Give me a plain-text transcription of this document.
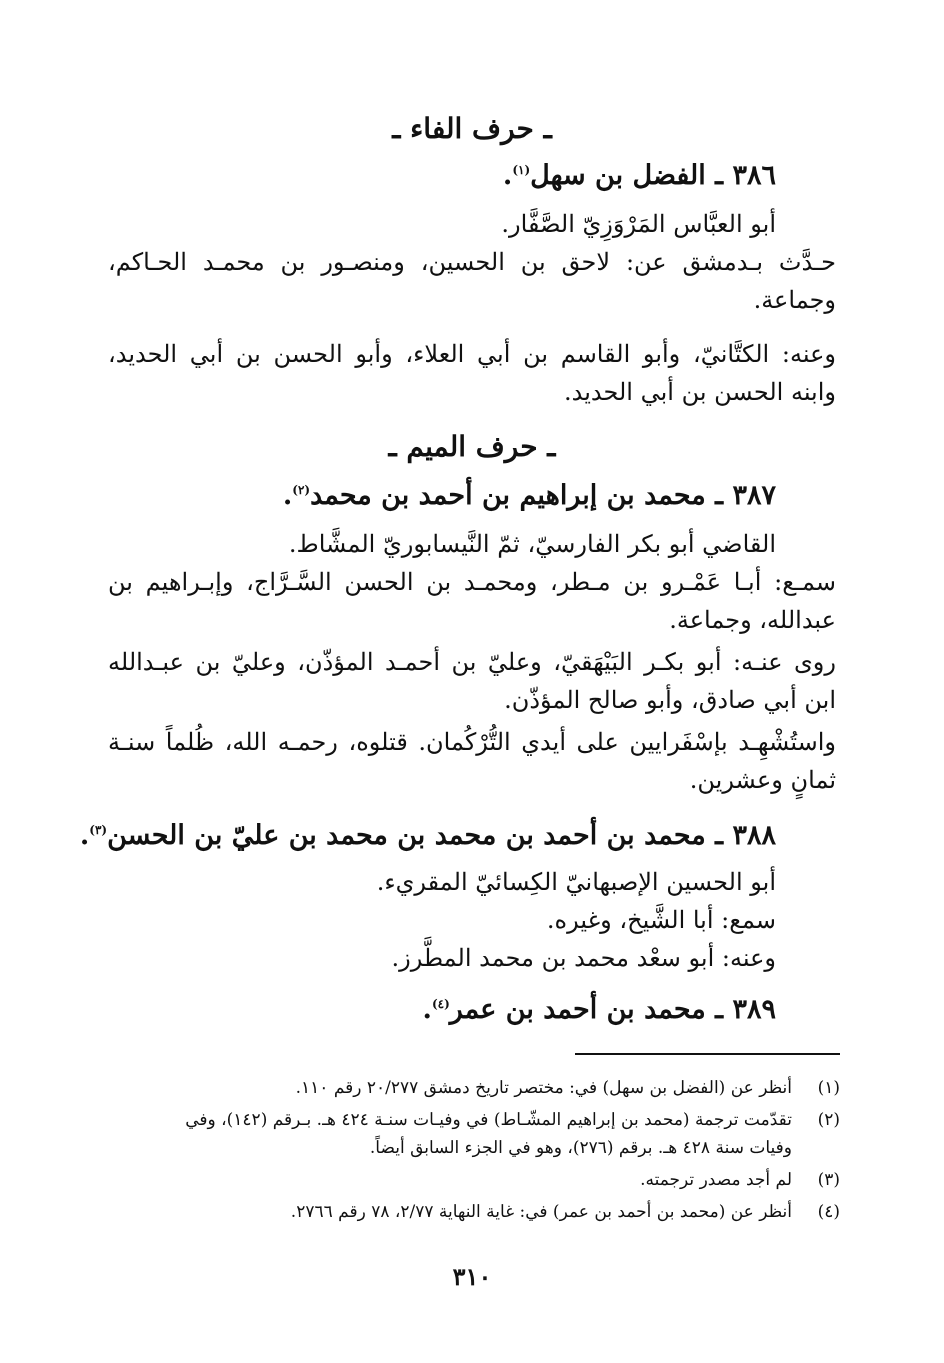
ـ حرف الفاء ـ
٣٨٦ ـ الفضل بن سهل$^{(١)}$.
أبو العبَّاس المَرْوَزِيّ الصَّفَّار.
حـدَّث بـدمشق عن: لاحق بن الحسين، ومنصـور بن محمـد الحـاكم،
وجماعة.
وعنه: الكتَّانيّ، وأبو القاسم بن أبي العلاء، وأبو الحسن بن أبي الحديد،
وابنه الحسن بن أبي الحديد.
ـ حرف الميم ـ
٣٨٧ ـ محمد بن إبراهيم بن أحمد بن محمد$^{(٢)}$.
القاضي أبو بكر الفارسيّ، ثمّ النَّيسابوريّ المشَّاط.
سمـع: أبـا عَمْـرو بن مـطر، ومحمـد بن الحسن السَّـرَّاج، وإبـراهيم بن
عبدالله، وجماعة.
روى عنـه: أبو بكـر البَيْهَقيّ، وعليّ بن أحمـد المؤذّن، وعليّ بن عبـدالله
ابن أبي صادق، وأبو صالح المؤذّن.
واستُشْهِـد بإسْفَرايين على أيدي التُّرْكُمان. قتلوه، رحمـه الله، ظُلماً سنـة
ثمانٍ وعشرين.
٣٨٨ ـ محمد بن أحمد بن محمد بن محمد بن عليّ بن الحسن$^{(٣)}$.
أبو الحسين الإصبهانيّ الكِسائيّ المقريء.
سمع: أبا الشَّيخ، وغيره.
وعنه: أبو سعْد محمد بن محمد المطَّرز.
٣٨٩ ـ محمد بن أحمد بن عمر$^{(٤)}$.
(١)
أنظر عن (الفضل بن سهل) في: مختصر تاريخ دمشق ٢٠/٢٧٧ رقم ١١٠.
(٢)
تقدّمت ترجمة (محمد بن إبراهيم المشّـاط) في وفيـات سنـة ٤٢٤ هـ. بـرقم (١٤٢)، وفي
وفيات سنة ٤٢٨ هـ. برقم (٢٧٦)، وهو في الجزء السابق أيضاً.
(٣)
لم أجد مصدر ترجمته.
(٤)
أنظر عن (محمد بن أحمد بن عمر) في: غاية النهاية ٢/٧٧، ٧٨ رقم ٢٧٦٦.
٣١٠
